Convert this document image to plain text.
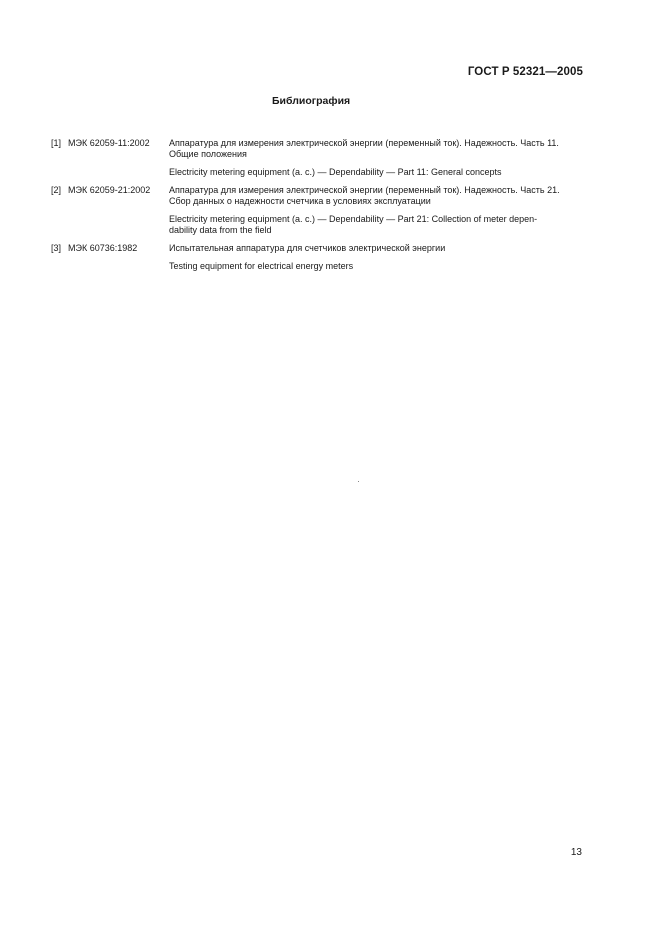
ГОСТ Р 52321—2005
Библиография
[1] МЭК 62059-11:2002	Аппаратура для измерения электрической энергии (переменный ток). Надежность. Часть 11.
Общие положения
Electricity metering equipment (a. c.) — Dependability — Part 11: General concepts
[2] МЭК 62059-21:2002	Аппаратура для измерения электрической энергии (переменный ток). Надежность. Часть 21.
Сбор данных о надежности счетчика в условиях эксплуатации
Electricity metering equipment (a. c.) — Dependability — Part 21: Collection of meter depen-
dability data from the field
[3] МЭК 60736:1982	Испытательная аппаратура для счетчиков электрической энергии
Testing equipment for electrical energy meters
13
